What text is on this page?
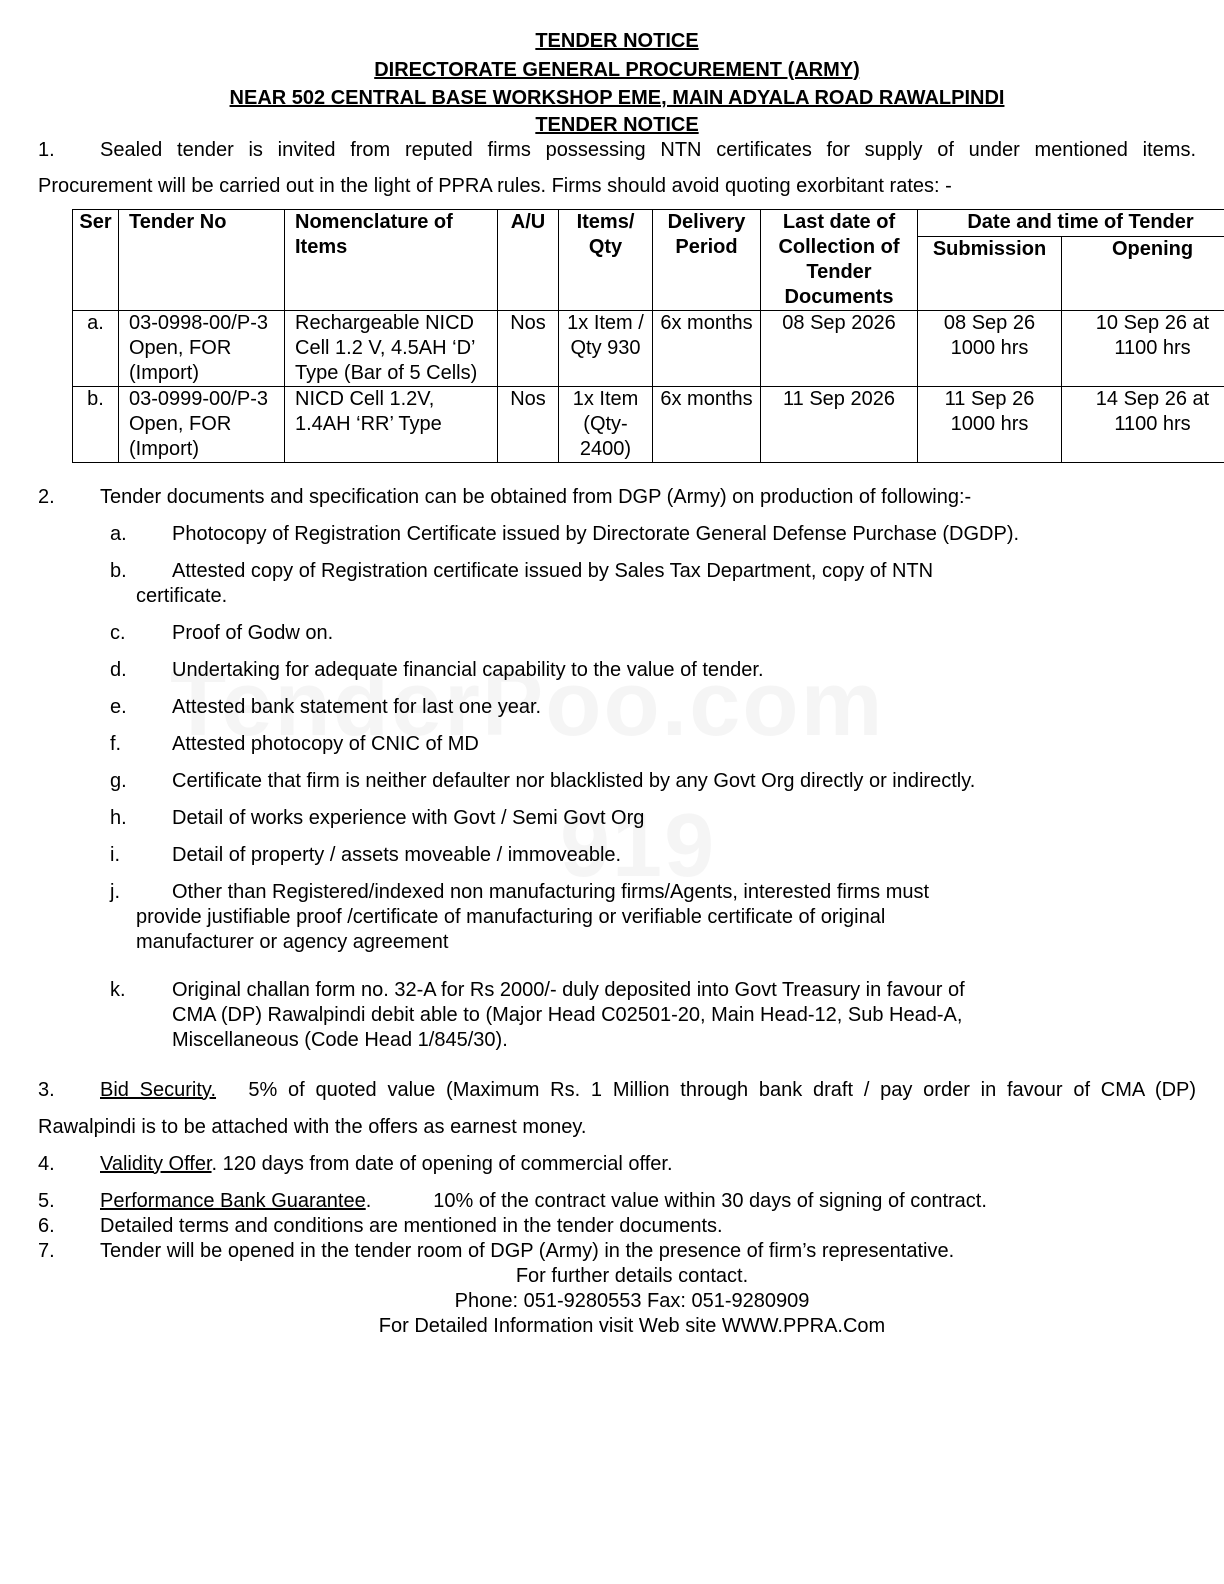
TENDER NOTICE
DIRECTORATE GENERAL PROCUREMENT (ARMY)
NEAR 502 CENTRAL BASE WORKSHOP EME, MAIN ADYALA ROAD RAWALPINDI
TENDER NOTICE
1.	Sealed tender is invited from reputed firms possessing NTN certificates for supply of under mentioned items.
Procurement will be carried out in the light of PPRA rules. Firms should avoid quoting exorbitant rates: -
Ser	Tender No	Nomenclature of Items	A/U	Items/ Qty	Delivery Period	Last date of Collection of Tender Documents	Date and time of Tender	
							Submission	Opening
a.	03-0998-00/P-3 Open, FOR (Import)	Rechargeable NICD Cell 1.2 V, 4.5AH ‘D’ Type (Bar of 5 Cells)	Nos	1x Item / Qty 930	6x months	08 Sep 2026	08 Sep 26 1000 hrs	10 Sep 26 at 1100 hrs
b.	03-0999-00/P-3 Open, FOR (Import)	NICD Cell 1.2V, 1.4AH ‘RR’ Type	Nos	1x Item (Qty-2400)	6x months	11 Sep 2026	11 Sep 26 1000 hrs	14 Sep 26 at 1100 hrs
2.	Tender documents and specification can be obtained from DGP (Army) on production of following:-
a.	Photocopy of Registration Certificate issued by Directorate General Defense Purchase (DGDP).
b.	Attested copy of Registration certificate issued by Sales Tax Department, copy of NTN
certificate.
c.	Proof of Godw on.
d.	Undertaking for adequate financial capability to the value of tender.
e.	Attested bank statement for last one year.
f.	Attested photocopy of CNIC of MD
g.	Certificate that firm is neither defaulter nor blacklisted by any Govt Org directly or indirectly.
h.	Detail of works experience with Govt / Semi Govt Org
i.	Detail of property / assets moveable / immoveable.
j.	Other than Registered/indexed non manufacturing firms/Agents, interested firms must
provide justifiable proof /certificate of manufacturing or verifiable certificate of original manufacturer or agency agreement
k.	Original challan form no. 32-A for Rs 2000/- duly deposited into Govt Treasury in favour of CMA (DP) Rawalpindi debit able to (Major Head C02501-20, Main Head-12, Sub Head-A, Miscellaneous (Code Head 1/845/30).
3.	Bid Security. 5% of quoted value (Maximum Rs. 1 Million through bank draft / pay order in favour of CMA (DP)
Rawalpindi is to be attached with the offers as earnest money.
4.	Validity Offer. 120 days from date of opening of commercial offer.
5.	Performance Bank Guarantee.	10% of the contract value within 30 days of signing of contract.
6.	Detailed terms and conditions are mentioned in the tender documents.
7.	Tender will be opened in the tender room of DGP (Army) in the presence of firm’s representative.
For further details contact.
Phone: 051-9280553 Fax: 051-9280909
For Detailed Information visit Web site WWW.PPRA.Com
